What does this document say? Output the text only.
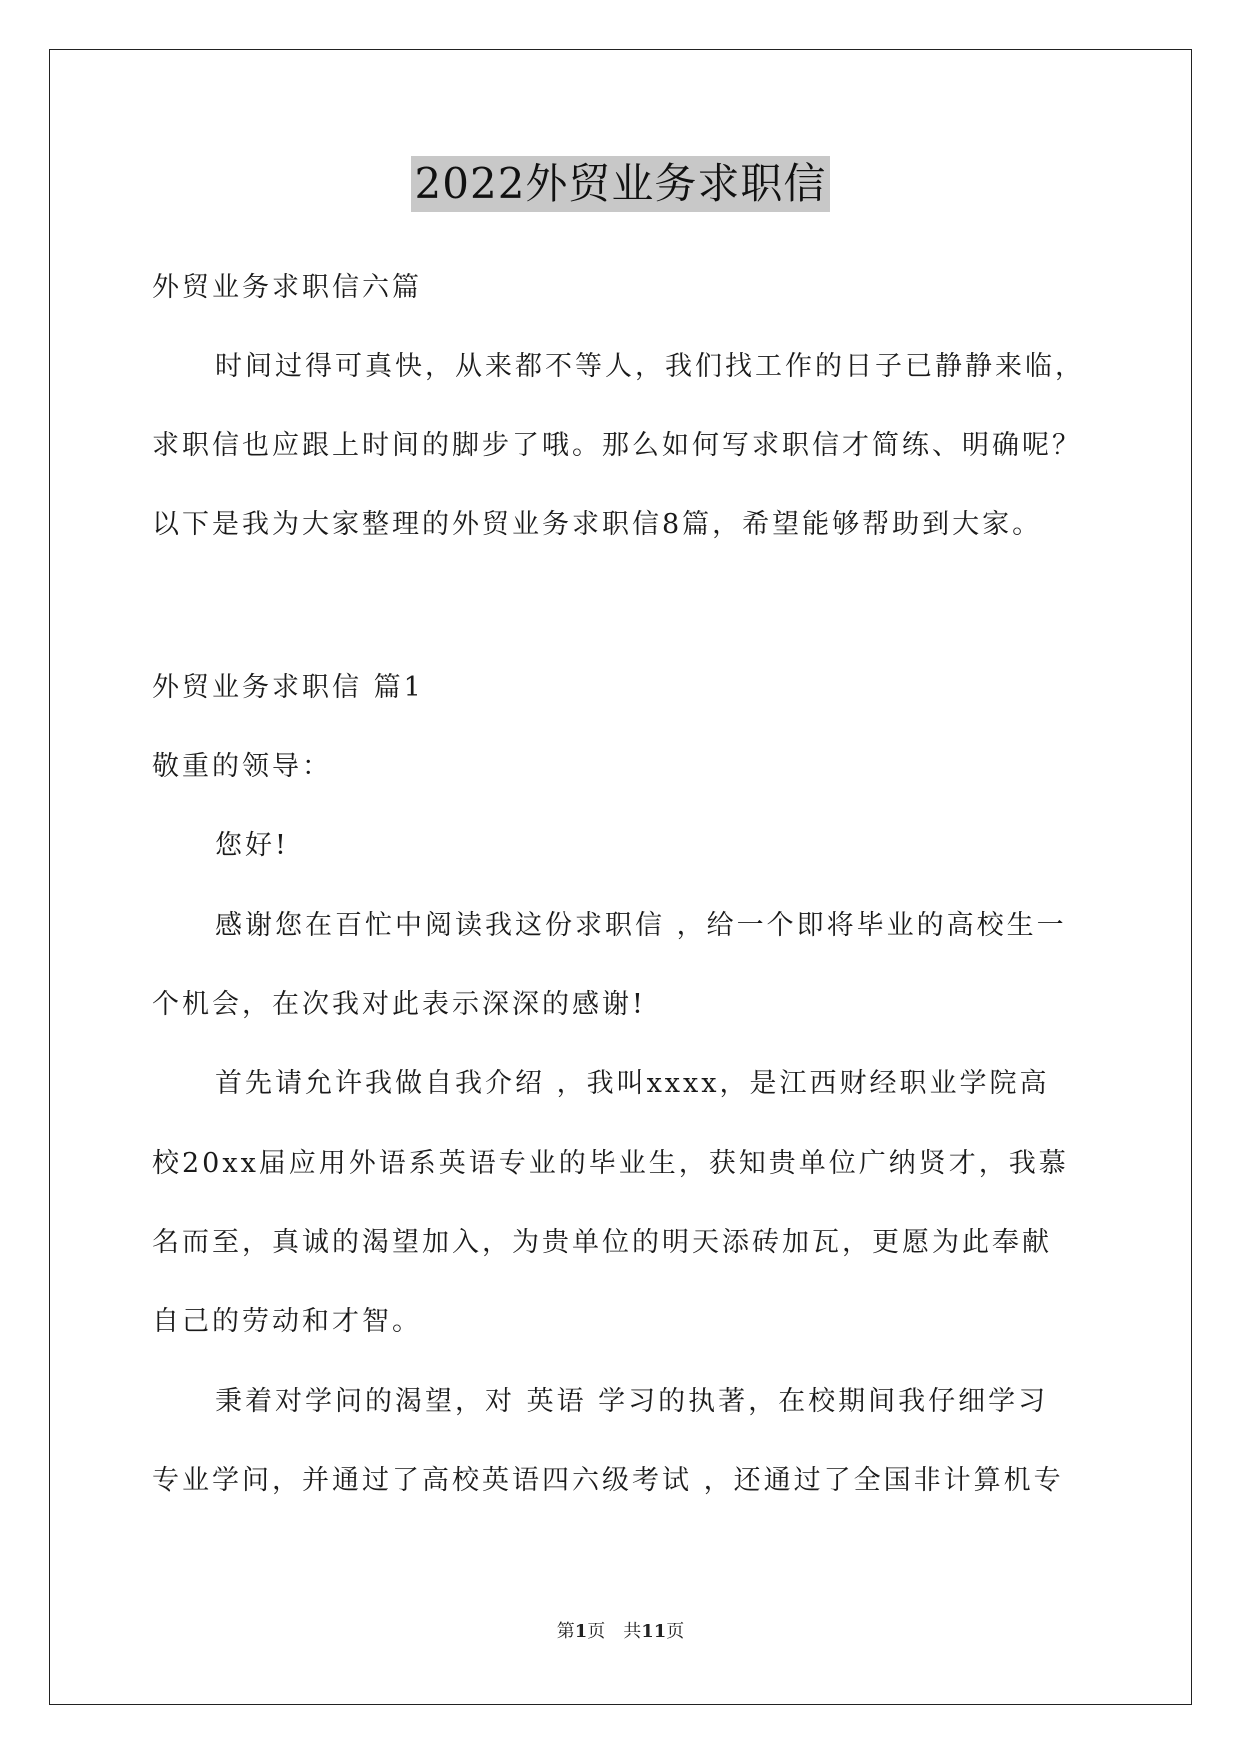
2022外贸业务求职信
外贸业务求职信六篇
时间过得可真快，从来都不等人，我们找工作的日子已静静来临，
求职信也应跟上时间的脚步了哦。那么如何写求职信才简练、明确呢？
以下是我为大家整理的外贸业务求职信8篇，希望能够帮助到大家。
外贸业务求职信 篇1
敬重的领导：
您好!
感谢您在百忙中阅读我这份求职信 ，给一个即将毕业的高校生一
个机会，在次我对此表示深深的感谢!
首先请允许我做自我介绍 ，我叫xxxx，是江西财经职业学院高
校20xx届应用外语系英语专业的毕业生，获知贵单位广纳贤才，我慕
名而至，真诚的渴望加入，为贵单位的明天添砖加瓦，更愿为此奉献
自己的劳动和才智。
秉着对学问的渴望，对 英语 学习的执著，在校期间我仔细学习
专业学问，并通过了高校英语四六级考试 ，还通过了全国非计算机专
第1页 共11页
